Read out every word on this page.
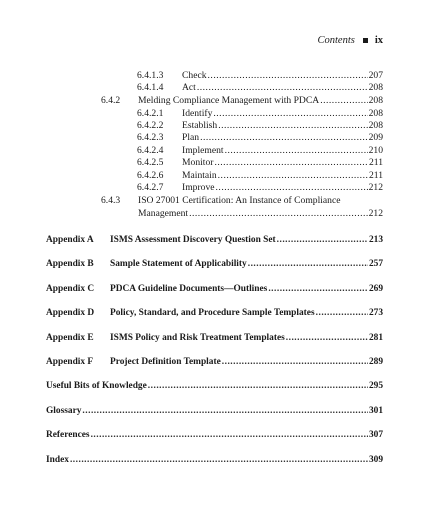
Contents ix
6.4.1.3	Check .....	207
6.4.1.4	Act .....	208
6.4.2	Melding Compliance Management with PDCA .....	208
6.4.2.1	Identify .....	208
6.4.2.2	Establish .....	208
6.4.2.3	Plan .....	209
6.4.2.4	Implement .....	210
6.4.2.5	Monitor .....	211
6.4.2.6	Maintain .....	211
6.4.2.7	Improve .....	212
6.4.3	ISO 27001 Certification: An Instance of Compliance
Management .....	212
Appendix A	ISMS Assessment Discovery Question Set .....	213
Appendix B	Sample Statement of Applicability .....	257
Appendix C	PDCA Guideline Documents—Outlines .....	269
Appendix D	Policy, Standard, and Procedure Sample Templates .....	273
Appendix E	ISMS Policy and Risk Treatment Templates .....	281
Appendix F	Project Definition Template .....	289
Useful Bits of Knowledge .....	295
Glossary .....	301
References .....	307
Index .....	309
